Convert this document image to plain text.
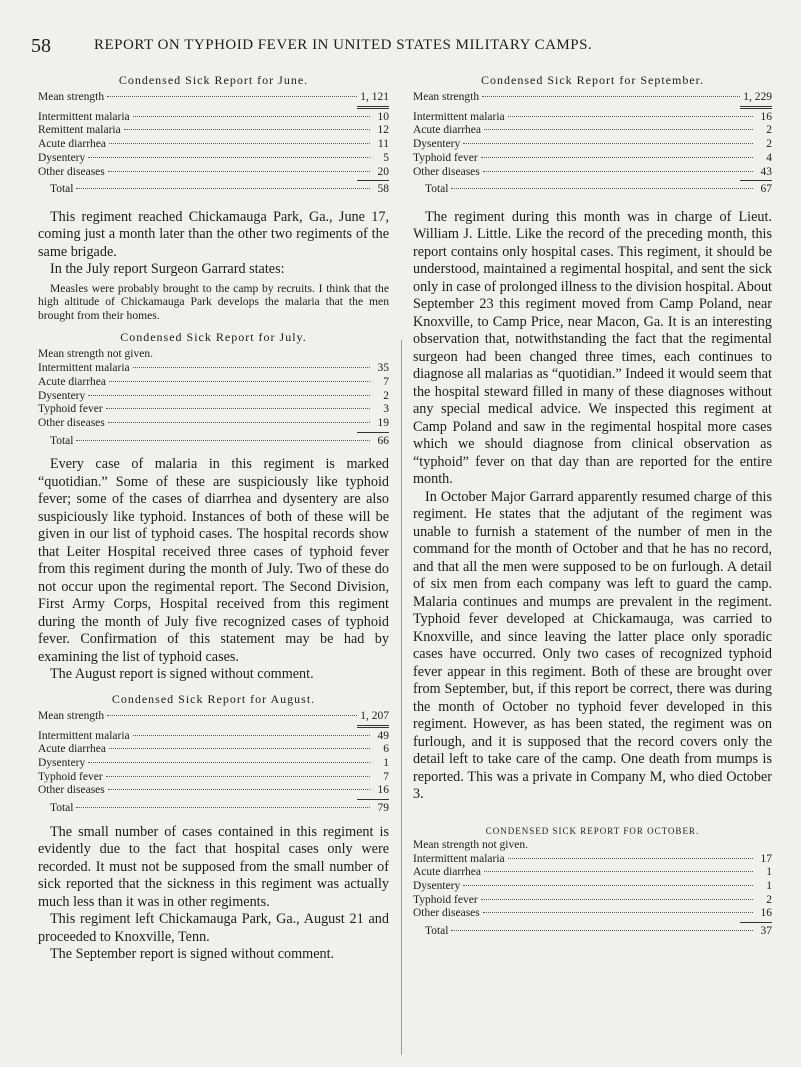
58	REPORT ON TYPHOID FEVER IN UNITED STATES MILITARY CAMPS.
Condensed Sick Report for June.
Mean strength	1, 121
Intermittent malaria	10
Remittent malaria	12
Acute diarrhea	11
Dysentery	5
Other diseases	20
Total	58

This regiment reached Chickamauga Park, Ga., June 17, coming just a month later than the other two regiments of the same brigade.

In the July report Surgeon Garrard states:

Measles were probably brought to the camp by recruits. I think that the high altitude of Chickamauga Park develops the malaria that the men brought from their homes.

Condensed Sick Report for July.
Mean strength not given.
Intermittent malaria	35
Acute diarrhea	7
Dysentery	2
Typhoid fever	3
Other diseases	19
Total	66

Every case of malaria in this regiment is marked “quotidian.” Some of these are suspiciously like typhoid fever; some of the cases of diarrhea and dysentery are also suspiciously like typhoid. Instances of both of these will be given in our list of typhoid cases. The hospital records show that Leiter Hospital received three cases of typhoid fever from this regiment during the month of July. Two of these do not occur upon the regimental report. The Second Division, First Army Corps, Hospital received from this regiment during the month of July five recognized cases of typhoid fever. Confirmation of this statement may be had by examining the list of typhoid cases.

The August report is signed without comment.

Condensed Sick Report for August.
Mean strength	1, 207
Intermittent malaria	49
Acute diarrhea	6
Dysentery	1
Typhoid fever	7
Other diseases	16
Total	79

The small number of cases contained in this regiment is evidently due to the fact that hospital cases only were recorded. It must not be supposed from the small number of sick reported that the sickness in this regiment was actually much less than it was in other regiments.

This regiment left Chickamauga Park, Ga., August 21 and proceeded to Knoxville, Tenn.

The September report is signed without comment.

Condensed Sick Report for September.
Mean strength	1, 229
Intermittent malaria	16
Acute diarrhea	2
Dysentery	2
Typhoid fever	4
Other diseases	43
Total	67

The regiment during this month was in charge of Lieut. William J. Little. Like the record of the preceding month, this report contains only hospital cases. This regiment, it should be understood, maintained a regimental hospital, and sent the sick only in case of prolonged illness to the division hospital. About September 23 this regiment moved from Camp Poland, near Knoxville, to Camp Price, near Macon, Ga. It is an interesting observation that, notwithstanding the fact that the regimental surgeon had been changed three times, each continues to diagnose all malarias as “quotidian.” Indeed it would seem that the hospital steward filled in many of these diagnoses without any special medical advice. We inspected this regiment at Camp Poland and saw in the regimental hospital more cases which we should diagnose from clinical observation as “typhoid” fever on that day than are reported for the entire month.

In October Major Garrard apparently resumed charge of this regiment. He states that the adjutant of the regiment was unable to furnish a statement of the number of men in the command for the month of October and that he has no record, and that all the men were supposed to be on furlough. A detail of six men from each company was left to guard the camp. Malaria continues and mumps are prevalent in the regiment. Typhoid fever developed at Chickamauga, was carried to Knoxville, and since leaving the latter place only sporadic cases have occurred. Only two cases of recognized typhoid fever appear in this regiment. Both of these are brought over from September, but, if this report be correct, there was during the month of October no typhoid fever developed in this regiment. However, as has been stated, the regiment was on furlough, and it is supposed that the record covers only the detail left to take care of the camp. One death from mumps is reported. This was a private in Company M, who died October 3.

CONDENSED SICK REPORT FOR OCTOBER.
Mean strength not given.
Intermittent malaria	17
Acute diarrhea	1
Dysentery	1
Typhoid fever	2
Other diseases	16
Total	37
